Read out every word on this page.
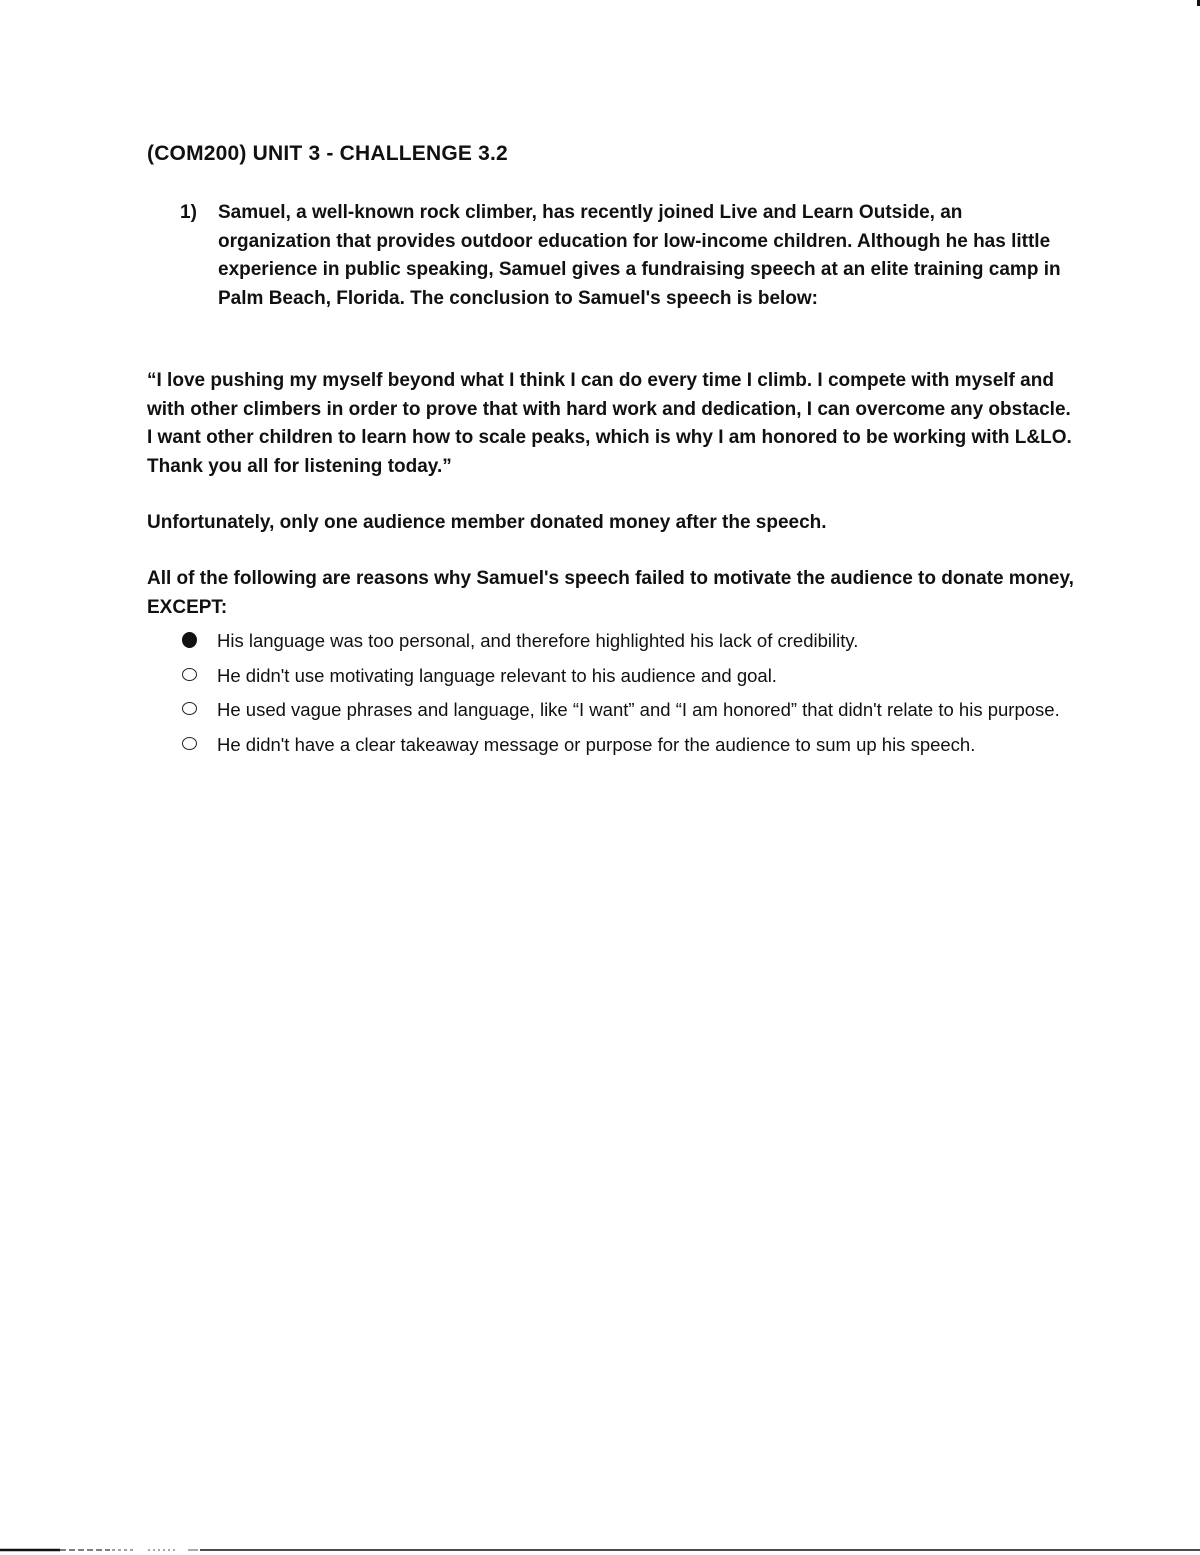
(COM200) UNIT 3 - CHALLENGE 3.2
1)	Samuel, a well-known rock climber, has recently joined Live and Learn Outside, an organization that provides outdoor education for low-income children. Although he has little experience in public speaking, Samuel gives a fundraising speech at an elite training camp in Palm Beach, Florida. The conclusion to Samuel's speech is below:

“I love pushing my myself beyond what I think I can do every time I climb. I compete with myself and with other climbers in order to prove that with hard work and dedication, I can overcome any obstacle. I want other children to learn how to scale peaks, which is why I am honored to be working with L&LO. Thank you all for listening today.”

Unfortunately, only one audience member donated money after the speech.

All of the following are reasons why Samuel's speech failed to motivate the audience to donate money, EXCEPT:

His language was too personal, and therefore highlighted his lack of credibility.
He didn't use motivating language relevant to his audience and goal.
He used vague phrases and language, like “I want” and “I am honored” that didn't relate to his purpose.
He didn't have a clear takeaway message or purpose for the audience to sum up his speech.
